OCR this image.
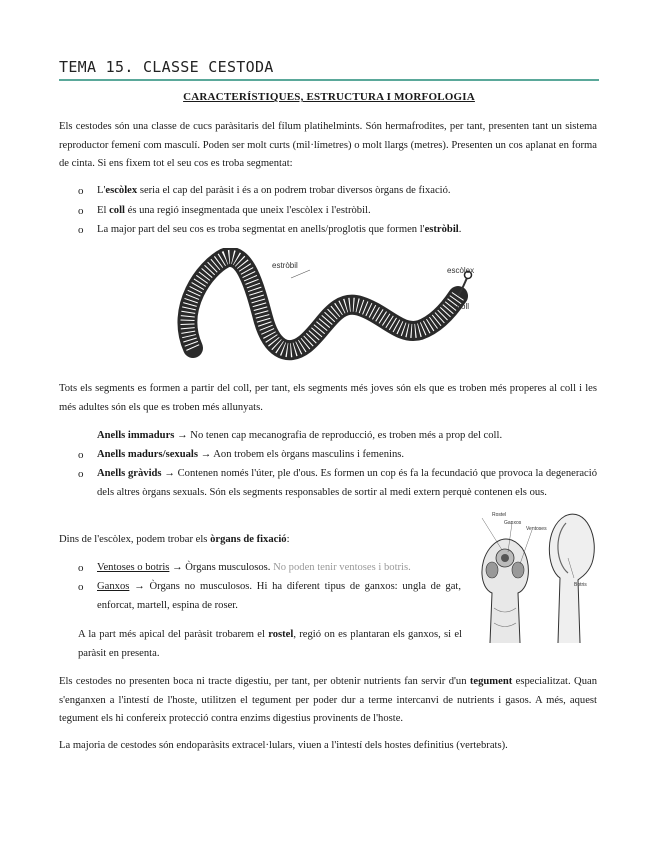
TEMA 15. CLASSE CESTODA
CARACTERÍSTIQUES, ESTRUCTURA I MORFOLOGIA

Els cestodes són una classe de cucs paràsitaris del fílum platihelmints. Són hermafrodites, per tant, presenten tant un sistema reproductor femení com masculí. Poden ser molt curts (mil·límetres) o molt llargs (metres). Presenten un cos aplanat en forma de cinta. Si ens fixem tot el seu cos es troba segmentat:

o L'escòlex seria el cap del paràsit i és a on podrem trobar diversos òrgans de fixació.

o El coll és una regió insegmentada que uneix l'escòlex i l'estròbil.

o La major part del seu cos es troba segmentat en anells/proglotis que formen l'estròbil.

estròbil
escòlex
coll

Tots els segments es formen a partir del coll, per tant, els segments més joves són els que es troben més properes al coll i les més adultes són els que es troben més allunyats.

Anells immadurs → No tenen cap mecanografia de reproducció, es troben més a prop del coll.

o Anells madurs/sexuals → Aon trobem els òrgans masculins i femenins.

o Anells gràvids → Contenen només l'úter, ple d'ous. Es formen un cop és fa la fecundació que provoca la degeneració dels altres òrgans sexuals. Són els segments responsables de sortir al medi extern perquè contenen els ous.

Dins de l'escòlex, podem trobar els òrgans de fixació:

o Ventoses o botris → Òrgans musculosos. No poden tenir ventoses i botris.

o Ganxos → Òrgans no musculosos. Hi ha diferent tipus de ganxos: ungla de gat, enforcat, martell, espina de roser.

A la part més apical del paràsit trobarem el rostel, regió on es plantaran els ganxos, si el paràsit en presenta.

Rostel
Ganxos
Ventoses
Botris

Els cestodes no presenten boca ni tracte digestiu, per tant, per obtenir nutrients fan servir d'un tegument especialitzat. Quan s'enganxen a l'intestí de l'hoste, utilitzen el tegument per poder dur a terme intercanvi de nutrients i gasos. A més, aquest tegument els hi confereix protecció contra enzims digestius provinents de l'hoste.

La majoria de cestodes són endoparàsits extracel·lulars, viuen a l'intestí dels hostes definitius (vertebrats).
